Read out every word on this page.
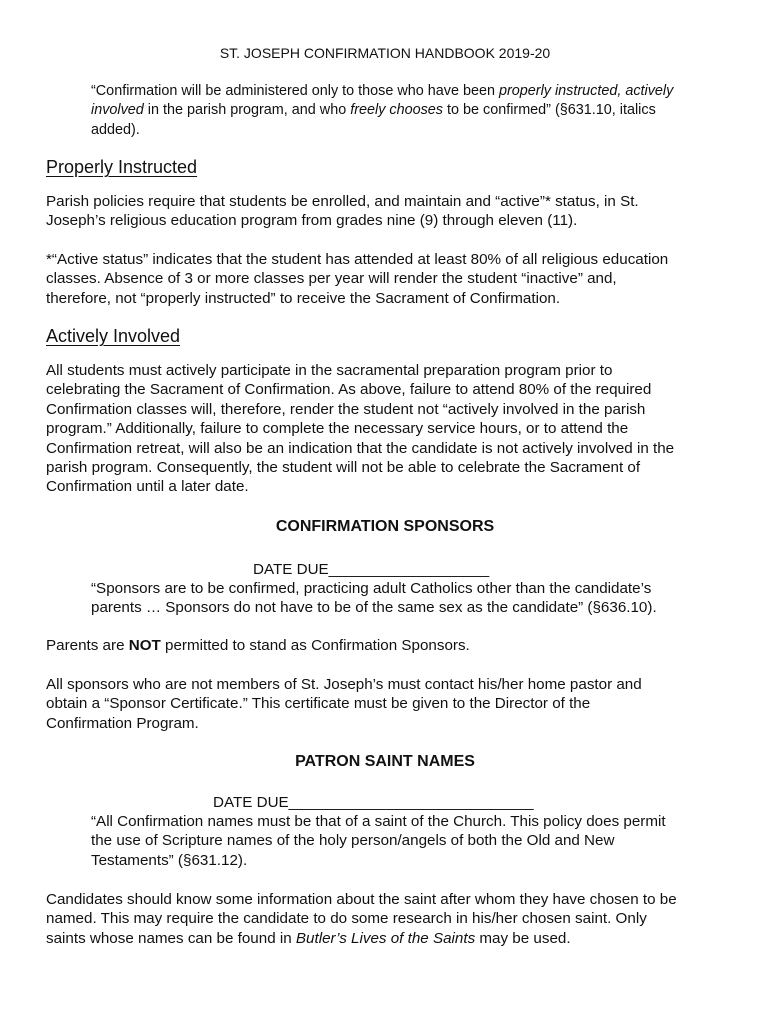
ST. JOSEPH CONFIRMATION HANDBOOK 2019-20
“Confirmation will be administered only to those who have been properly instructed, actively
involved in the parish program, and who freely chooses to be confirmed” (§631.10, italics
added).
Properly Instructed
Parish policies require that students be enrolled, and maintain and “active”* status, in St.
Joseph’s religious education program from grades nine (9) through eleven (11).
*“Active status” indicates that the student has attended at least 80% of all religious education
classes. Absence of 3 or more classes per year will render the student “inactive” and,
therefore, not “properly instructed” to receive the Sacrament of Confirmation.
Actively Involved
All students must actively participate in the sacramental preparation program prior to
celebrating the Sacrament of Confirmation. As above, failure to attend 80% of the required
Confirmation classes will, therefore, render the student not “actively involved in the parish
program.” Additionally, failure to complete the necessary service hours, or to attend the
Confirmation retreat, will also be an indication that the candidate is not actively involved in the
parish program. Consequently, the student will not be able to celebrate the Sacrament of
Confirmation until a later date.
CONFIRMATION SPONSORS
DATE DUE___________________
“Sponsors are to be confirmed, practicing adult Catholics other than the candidate’s
parents … Sponsors do not have to be of the same sex as the candidate” (§636.10).
Parents are NOT permitted to stand as Confirmation Sponsors.
All sponsors who are not members of St. Joseph’s must contact his/her home pastor and
obtain a “Sponsor Certificate.” This certificate must be given to the Director of the
Confirmation Program.
PATRON SAINT NAMES
DATE DUE_____________________________
“All Confirmation names must be that of a saint of the Church. This policy does permit
the use of Scripture names of the holy person/angels of both the Old and New
Testaments” (§631.12).
Candidates should know some information about the saint after whom they have chosen to be
named. This may require the candidate to do some research in his/her chosen saint. Only
saints whose names can be found in Butler’s Lives of the Saints may be used.
